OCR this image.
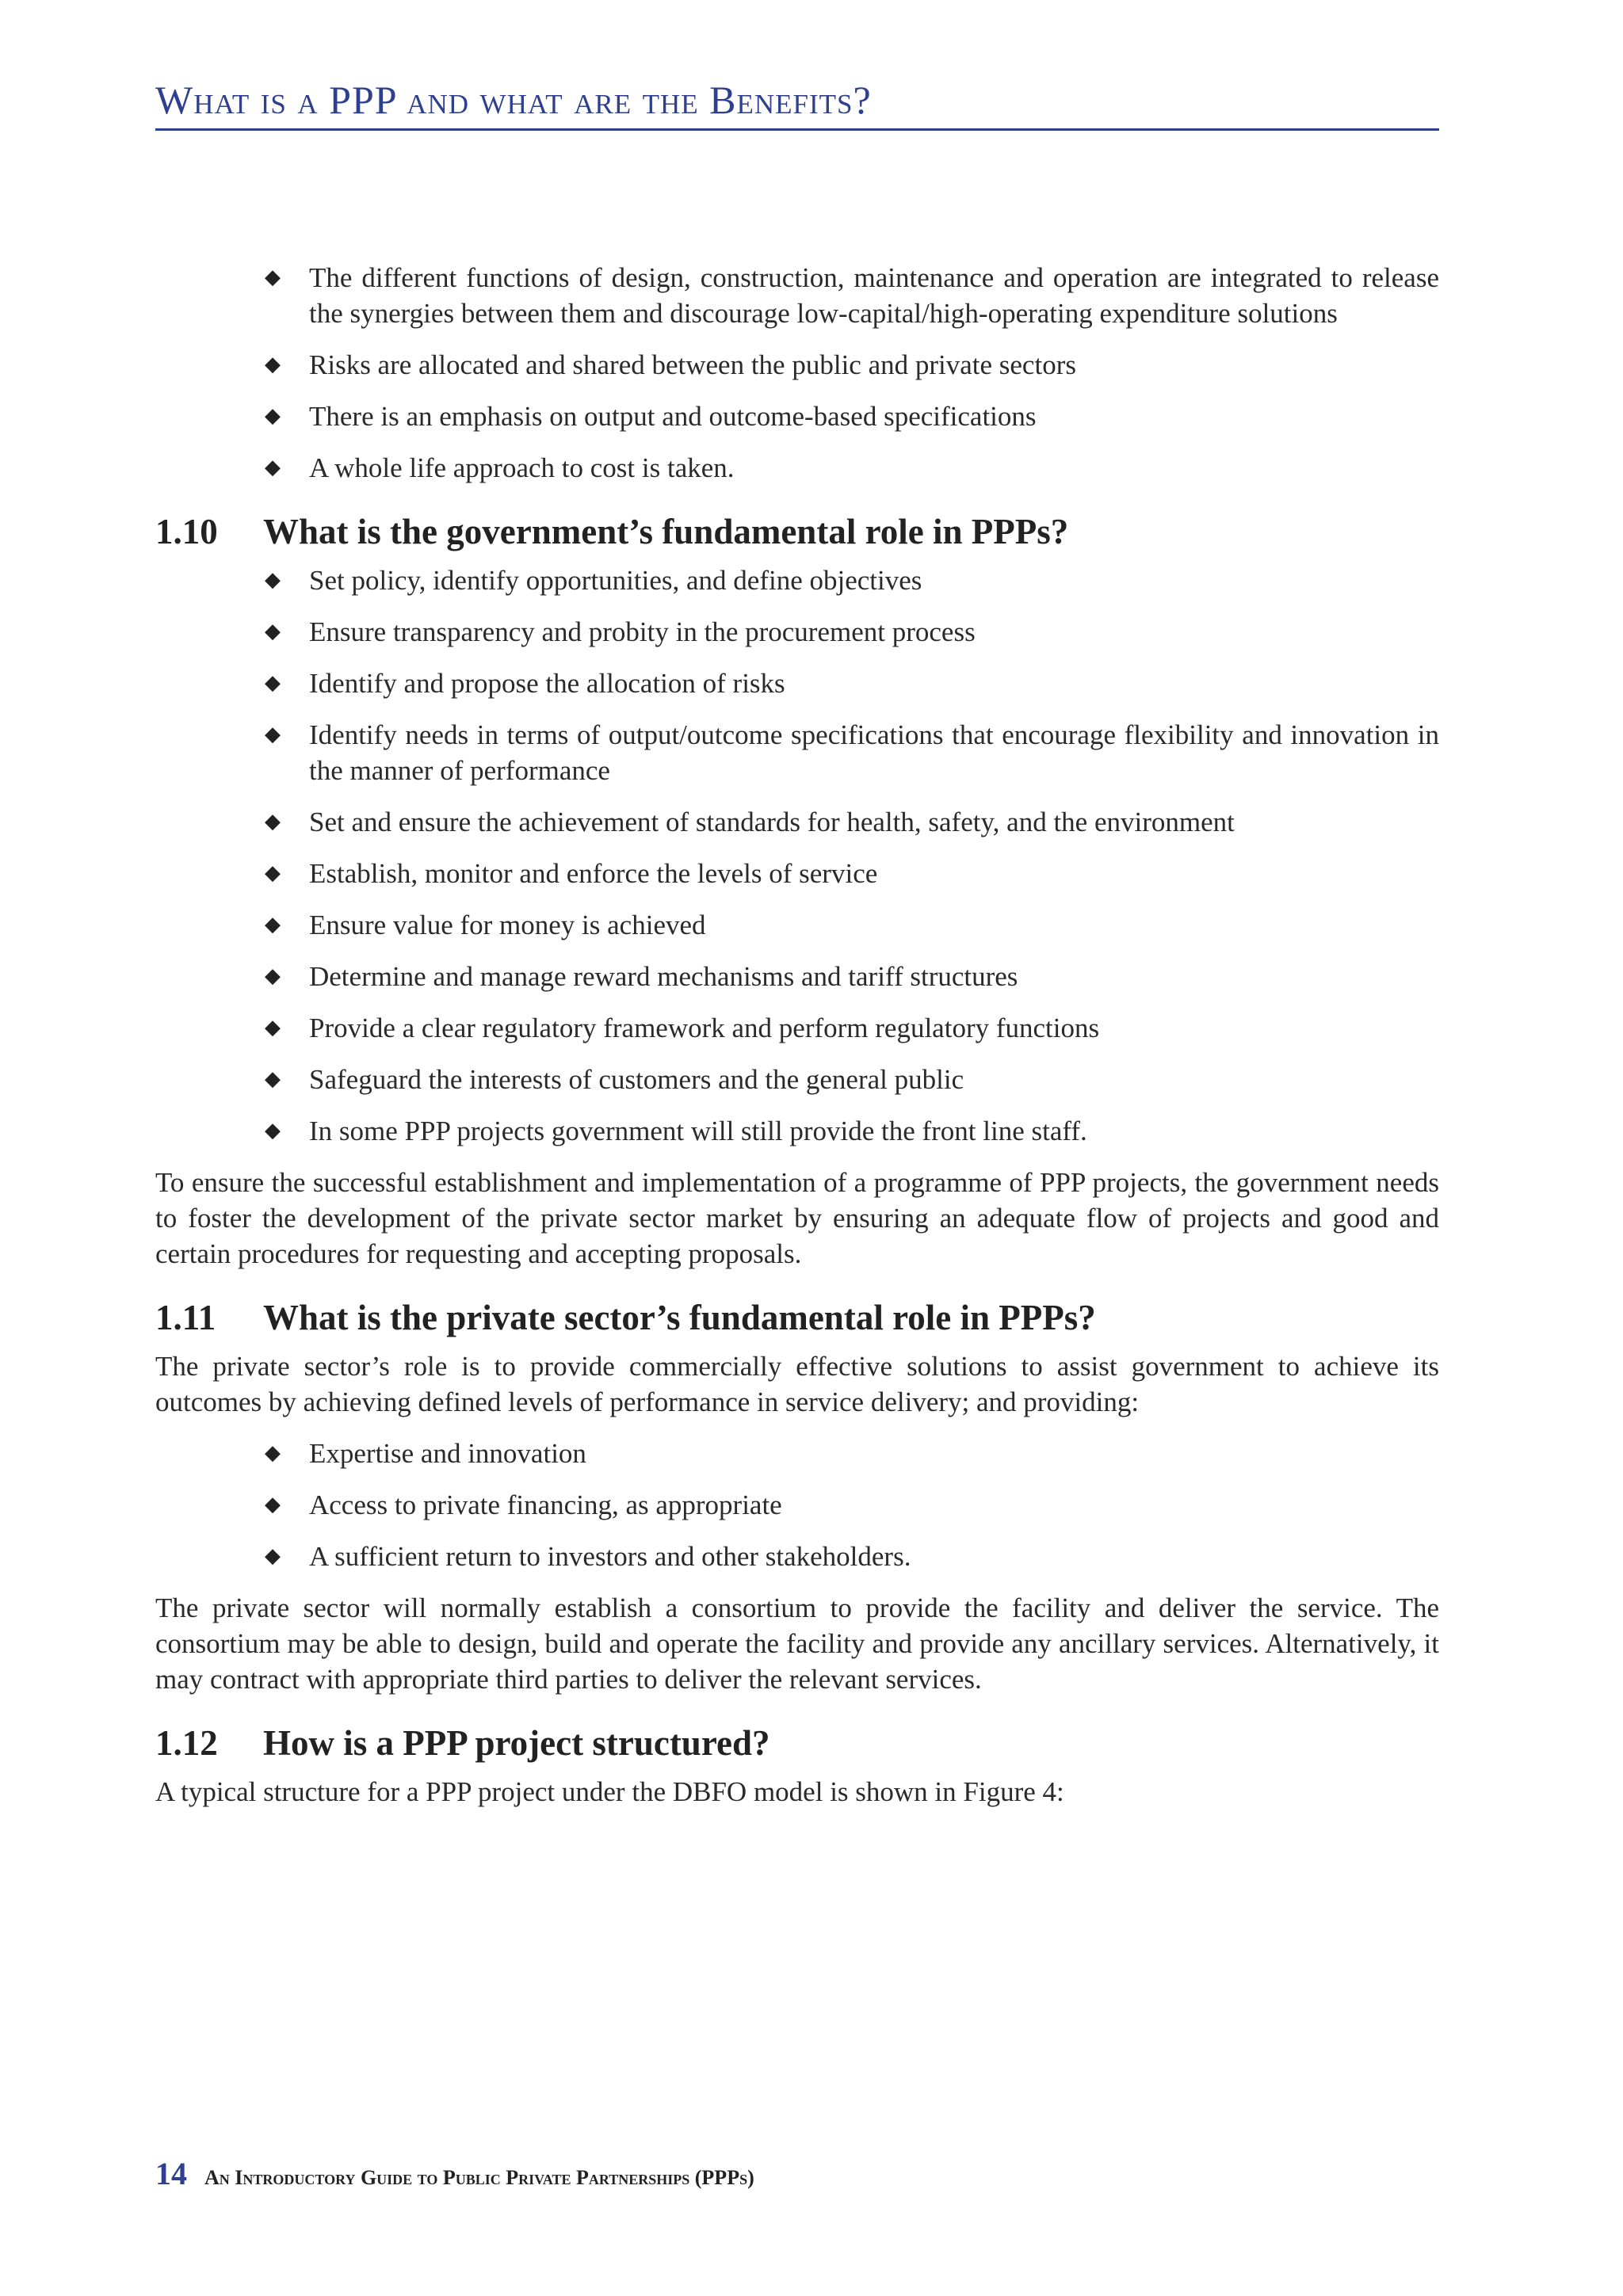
What is a PPP and what are the Benefits?
◆ The different functions of design, construction, maintenance and operation are integrated to release the synergies between them and discourage low-capital/high-operating expenditure solutions
◆ Risks are allocated and shared between the public and private sectors
◆ There is an emphasis on output and outcome-based specifications
◆ A whole life approach to cost is taken.
1.10	What is the government’s fundamental role in PPPs?
◆ Set policy, identify opportunities, and define objectives
◆ Ensure transparency and probity in the procurement process
◆ Identify and propose the allocation of risks
◆ Identify needs in terms of output/outcome specifications that encourage flexibility and innovation in the manner of performance
◆ Set and ensure the achievement of standards for health, safety, and the environment
◆ Establish, monitor and enforce the levels of service
◆ Ensure value for money is achieved
◆ Determine and manage reward mechanisms and tariff structures
◆ Provide a clear regulatory framework and perform regulatory functions
◆ Safeguard the interests of customers and the general public
◆ In some PPP projects government will still provide the front line staff.

To ensure the successful establishment and implementation of a programme of PPP projects, the government needs to foster the development of the private sector market by ensuring an adequate flow of projects and good and certain procedures for requesting and accepting proposals.

1.11	What is the private sector’s fundamental role in PPPs?

The private sector’s role is to provide commercially effective solutions to assist government to achieve its outcomes by achieving defined levels of performance in service delivery; and providing:

◆ Expertise and innovation
◆ Access to private financing, as appropriate
◆ A sufficient return to investors and other stakeholders.

The private sector will normally establish a consortium to provide the facility and deliver the service. The consortium may be able to design, build and operate the facility and provide any ancillary services. Alternatively, it may contract with appropriate third parties to deliver the relevant services.

1.12	How is a PPP project structured?

A typical structure for a PPP project under the DBFO model is shown in Figure 4:

14 An Introductory Guide to Public Private Partnerships (PPPs)
